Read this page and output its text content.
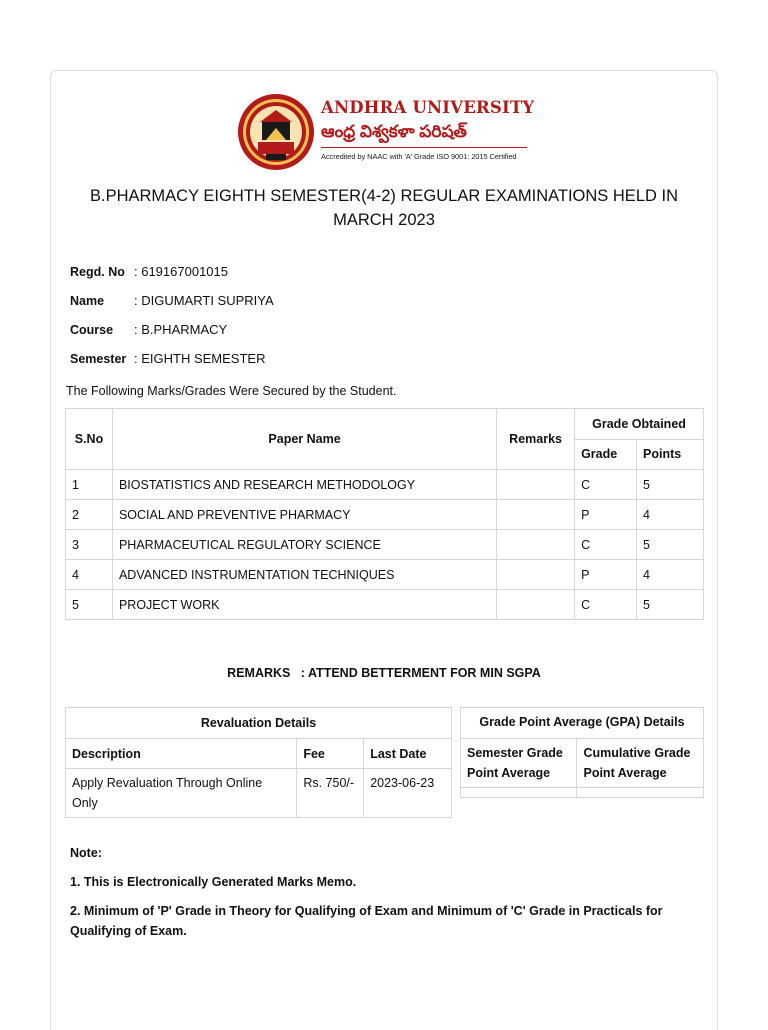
ANDHRA UNIVERSITY
ఆంధ్ర విశ్వకళా పరిషత్
Accredited by NAAC with 'A' Grade ISO 9001: 2015 Certified
B.PHARMACY EIGHTH SEMESTER(4-2) REGULAR EXAMINATIONS HELD IN MARCH 2023
Regd. No : 619167001015
Name : DIGUMARTI SUPRIYA
Course : B.PHARMACY
Semester : EIGHTH SEMESTER
The Following Marks/Grades Were Secured by the Student.
S.No	Paper Name	Remarks	Grade Obtained	
			Grade	Points
1	BIOSTATISTICS AND RESEARCH METHODOLOGY		C	5
2	SOCIAL AND PREVENTIVE PHARMACY		P	4
3	PHARMACEUTICAL REGULATORY SCIENCE		C	5
4	ADVANCED INSTRUMENTATION TECHNIQUES		P	4
5	PROJECT WORK		C	5
REMARKS   : ATTEND BETTERMENT FOR MIN SGPA
Revaluation Details		
Description	Fee	Last Date
Apply Revaluation Through Online Only	Rs. 750/-	2023-06-23
Grade Point Average (GPA) Details	
Semester Grade Point Average	Cumulative Grade Point Average

Note:
1. This is Electronically Generated Marks Memo.
2. Minimum of 'P' Grade in Theory for Qualifying of Exam and Minimum of 'C' Grade in Practicals for Qualifying of Exam.
